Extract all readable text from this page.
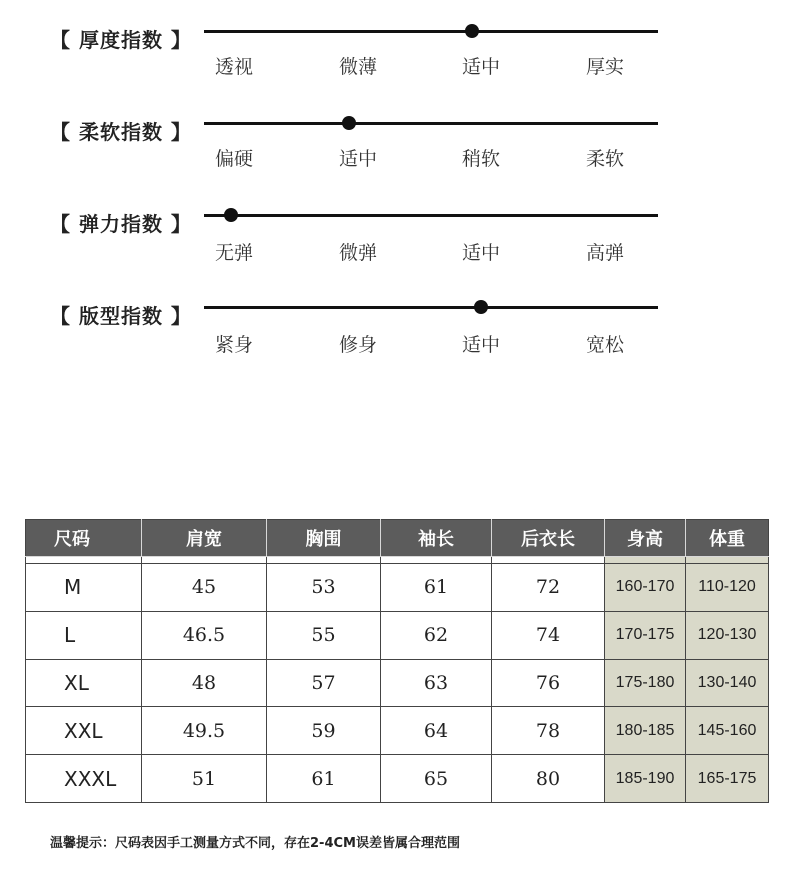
【 厚度指数 】
透视	微薄	适中	厚实
【 柔软指数 】
偏硬	适中	稍软	柔软
【 弹力指数 】
无弹	微弹	适中	高弹
【 版型指数 】
紧身	修身	适中	宽松
尺码	肩宽	胸围	袖长	后衣长	身高	体重

M	45	53	61	72	160-170	110-120
L	46.5	55	62	74	170-175	120-130
XL	48	57	63	76	175-180	130-140
XXL	49.5	59	64	78	180-185	145-160
XXXL	51	61	65	80	185-190	165-175
温馨提示：尺码表因手工测量方式不同，存在2-4CM误差皆属合理范围
